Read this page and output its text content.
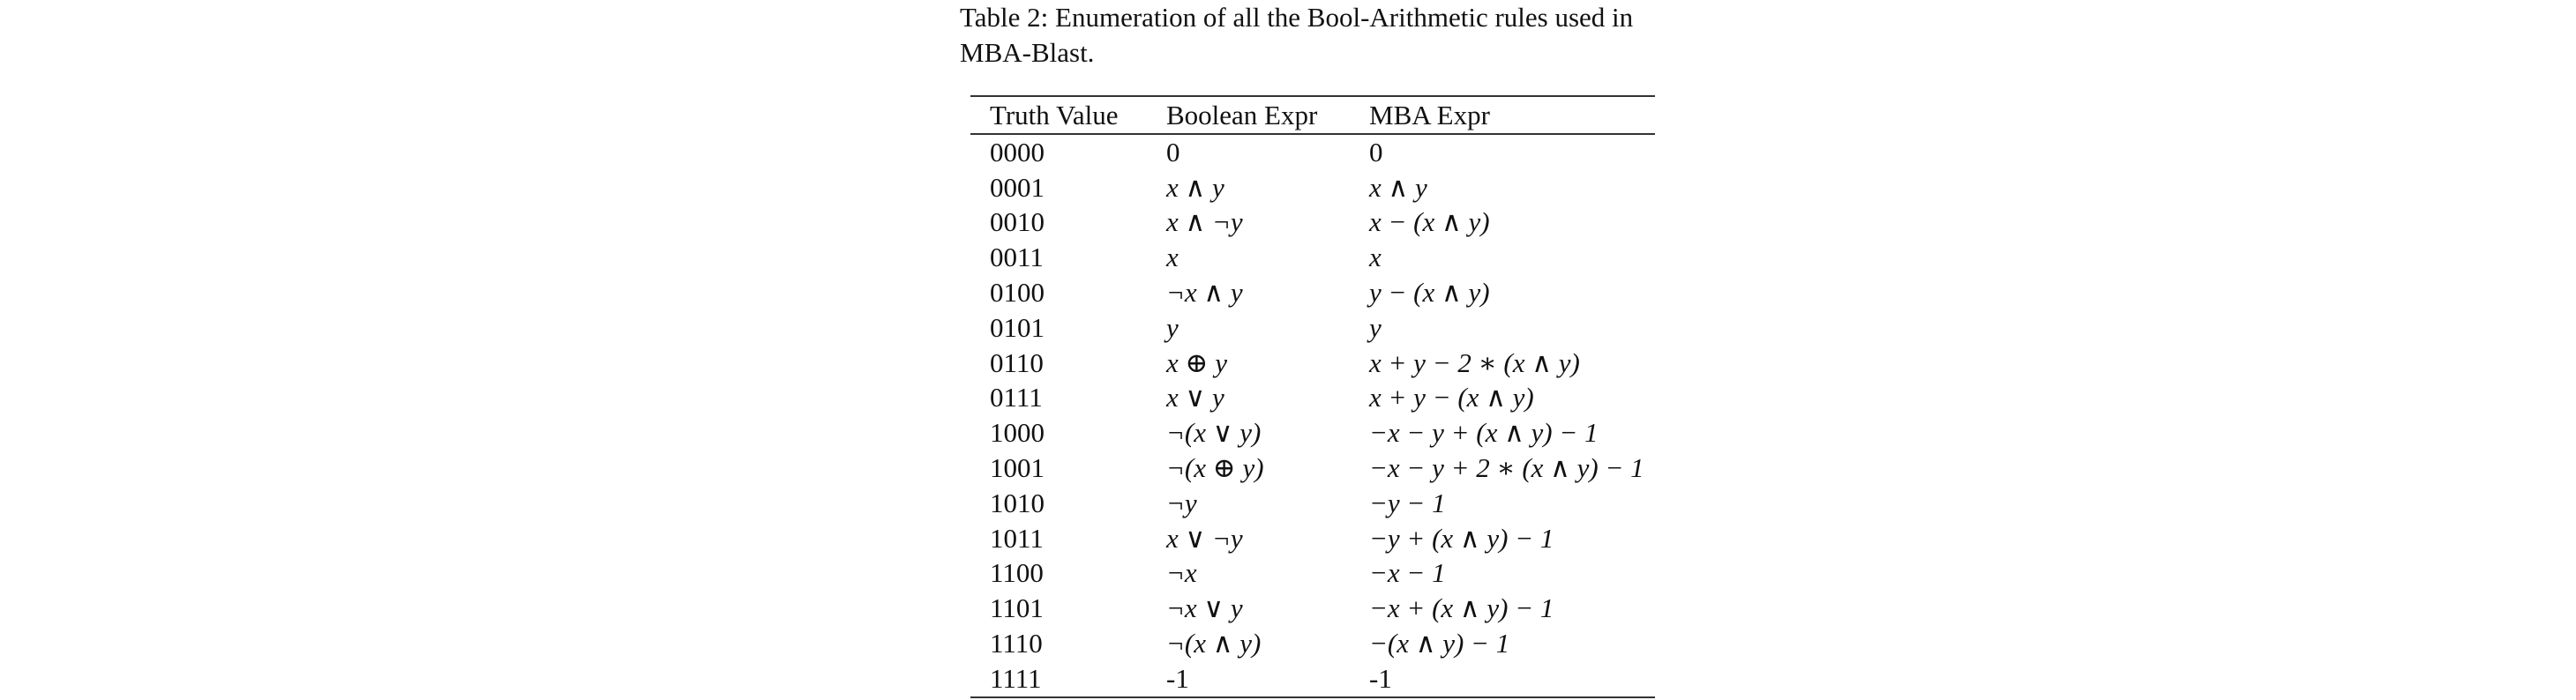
Table 2: Enumeration of all the Bool-Arithmetic rules used in MBA-Blast.

Truth Value	Boolean Expr	MBA Expr
0000	0	0
0001	x ∧ y	x ∧ y
0010	x ∧ ¬y	x − (x ∧ y)
0011	x	x
0100	¬x ∧ y	y − (x ∧ y)
0101	y	y
0110	x ⊕ y	x + y − 2 ∗ (x ∧ y)
0111	x ∨ y	x + y − (x ∧ y)
1000	¬(x ∨ y)	−x − y + (x ∧ y) − 1
1001	¬(x ⊕ y)	−x − y + 2 ∗ (x ∧ y) − 1
1010	¬y	−y − 1
1011	x ∨ ¬y	−y + (x ∧ y) − 1
1100	¬x	−x − 1
1101	¬x ∨ y	−x + (x ∧ y) − 1
1110	¬(x ∧ y)	−(x ∧ y) − 1
1111	-1	-1
